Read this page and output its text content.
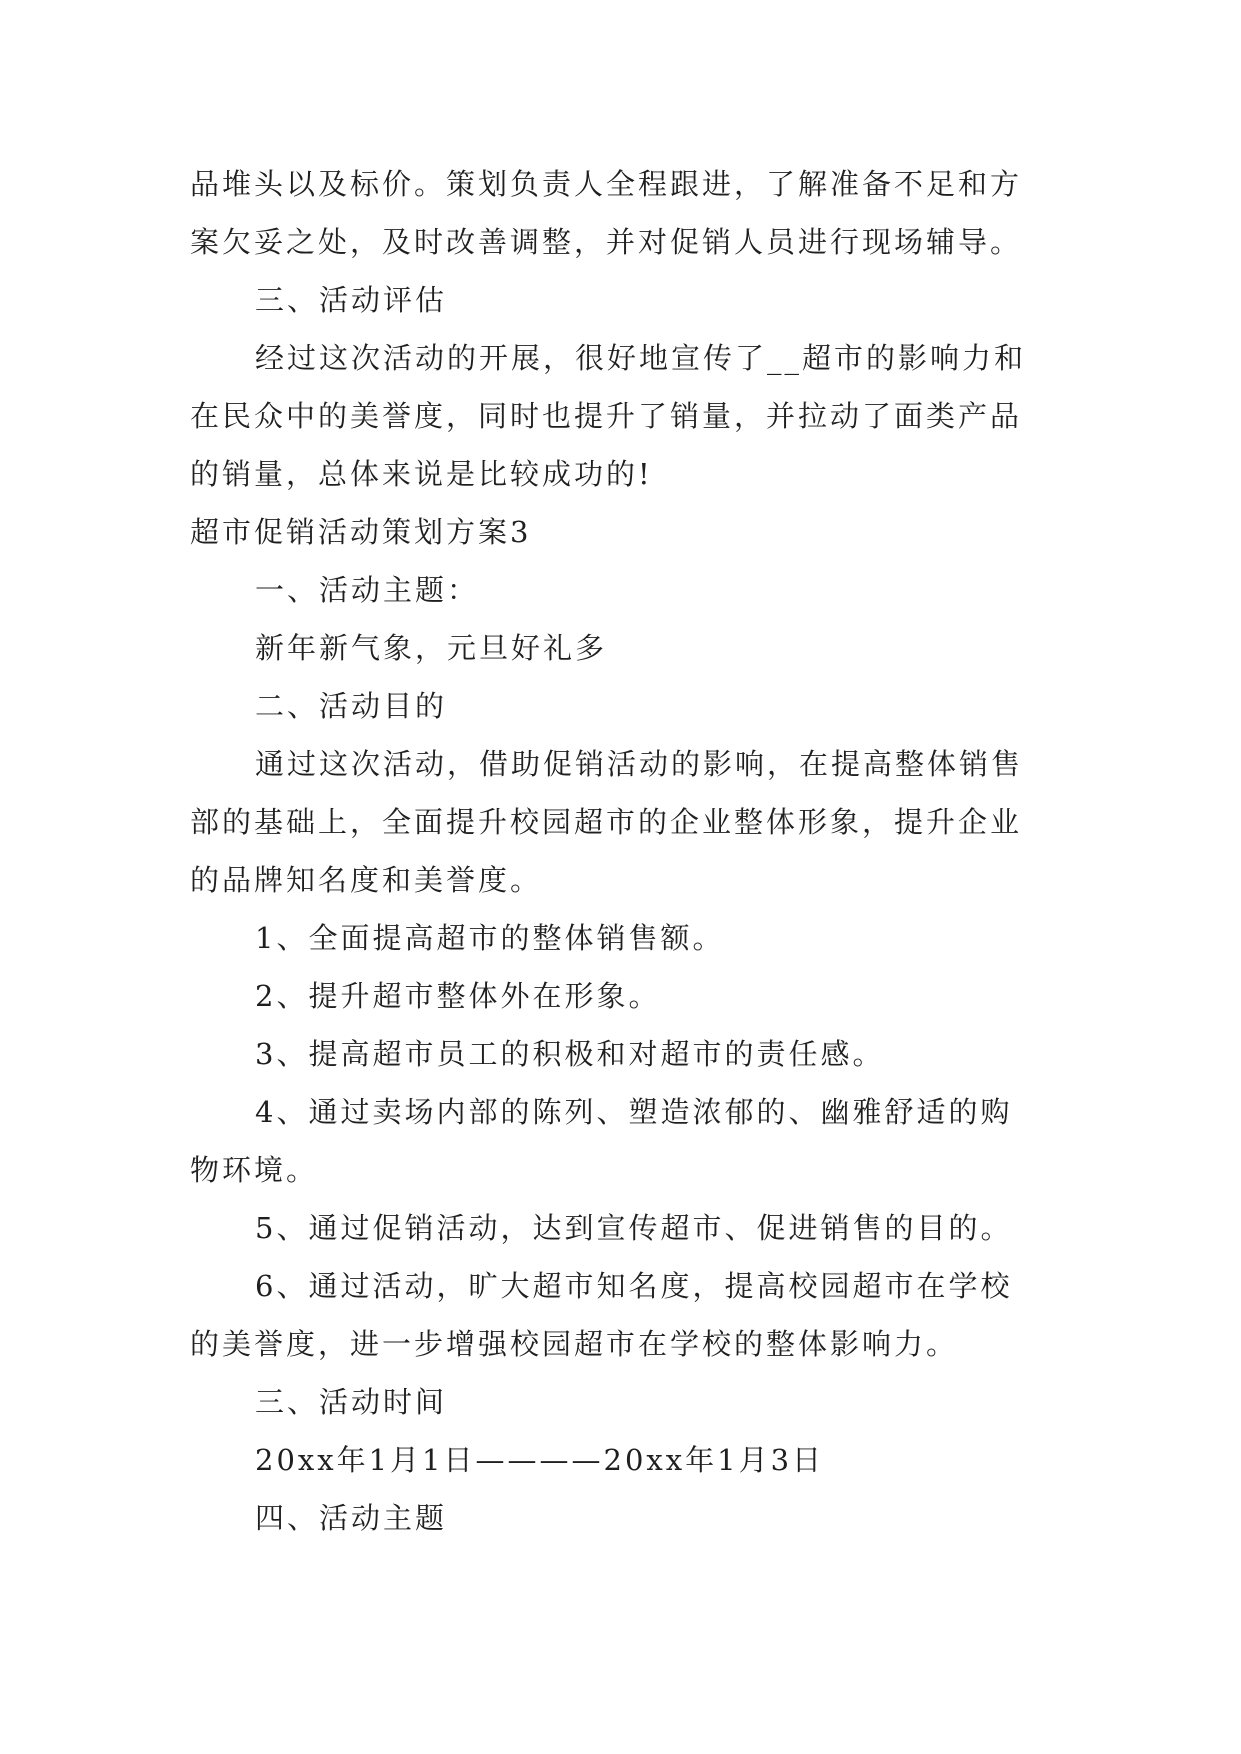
品堆头以及标价。策划负责人全程跟进，了解准备不足和方

案欠妥之处，及时改善调整，并对促销人员进行现场辅导。

三、活动评估

经过这次活动的开展，很好地宣传了__超市的影响力和

在民众中的美誉度，同时也提升了销量，并拉动了面类产品

的销量，总体来说是比较成功的!

超市促销活动策划方案3

一、活动主题：

新年新气象，元旦好礼多

二、活动目的

通过这次活动，借助促销活动的影响，在提高整体销售

部的基础上，全面提升校园超市的企业整体形象，提升企业

的品牌知名度和美誉度。

1、全面提高超市的整体销售额。

2、提升超市整体外在形象。

3、提高超市员工的积极和对超市的责任感。

4、通过卖场内部的陈列、塑造浓郁的、幽雅舒适的购

物环境。

5、通过促销活动，达到宣传超市、促进销售的目的。

6、通过活动，旷大超市知名度，提高校园超市在学校

的美誉度，进一步增强校园超市在学校的整体影响力。

三、活动时间

20xx年1月1日————20xx年1月3日

四、活动主题
